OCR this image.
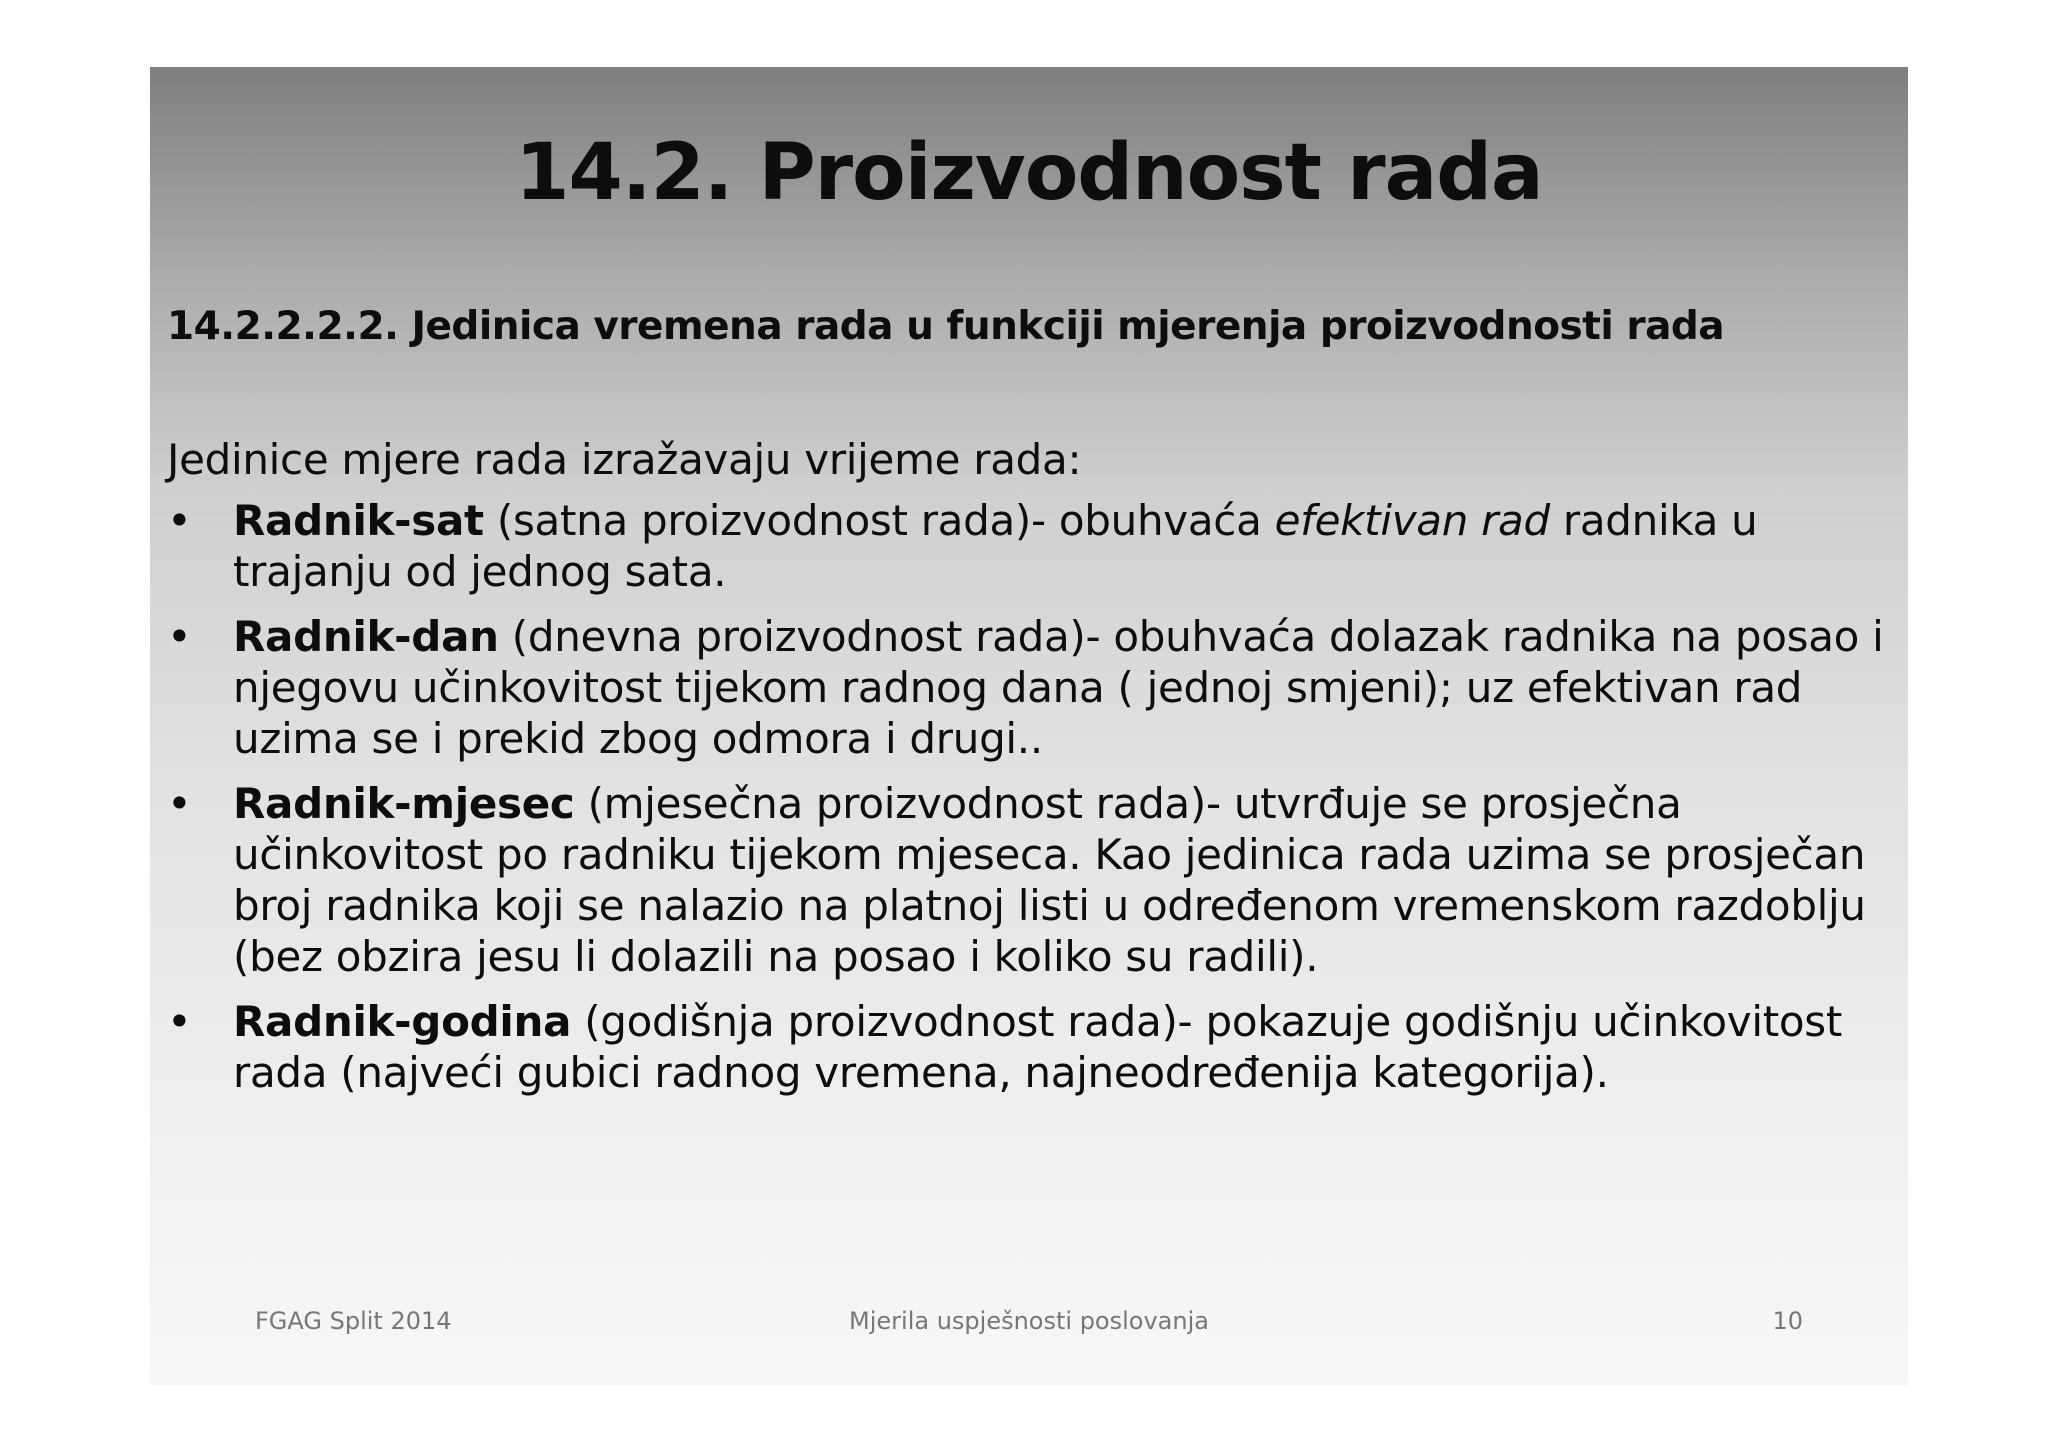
14.2. Proizvodnost rada
14.2.2.2.2. Jedinica vremena rada u funkciji mjerenja proizvodnosti rada
Jedinice mjere rada izražavaju vrijeme rada:
• Radnik-sat (satna proizvodnost rada)- obuhvaća efektivan rad radnika u trajanju od jednog sata.
• Radnik-dan (dnevna proizvodnost rada)- obuhvaća dolazak radnika na posao i njegovu učinkovitost tijekom radnog dana ( jednoj smjeni); uz efektivan rad uzima se i prekid zbog odmora i drugi..
• Radnik-mjesec (mjesečna proizvodnost rada)- utvrđuje se prosječna učinkovitost po radniku tijekom mjeseca. Kao jedinica rada uzima se prosječan broj radnika koji se nalazio na platnoj listi u određenom vremenskom razdoblju (bez obzira jesu li dolazili na posao i koliko su radili).
• Radnik-godina (godišnja proizvodnost rada)- pokazuje godišnju učinkovitost rada (najveći gubici radnog vremena, najneodređenija kategorija).
FGAG Split 2014	Mjerila uspješnosti poslovanja	10
